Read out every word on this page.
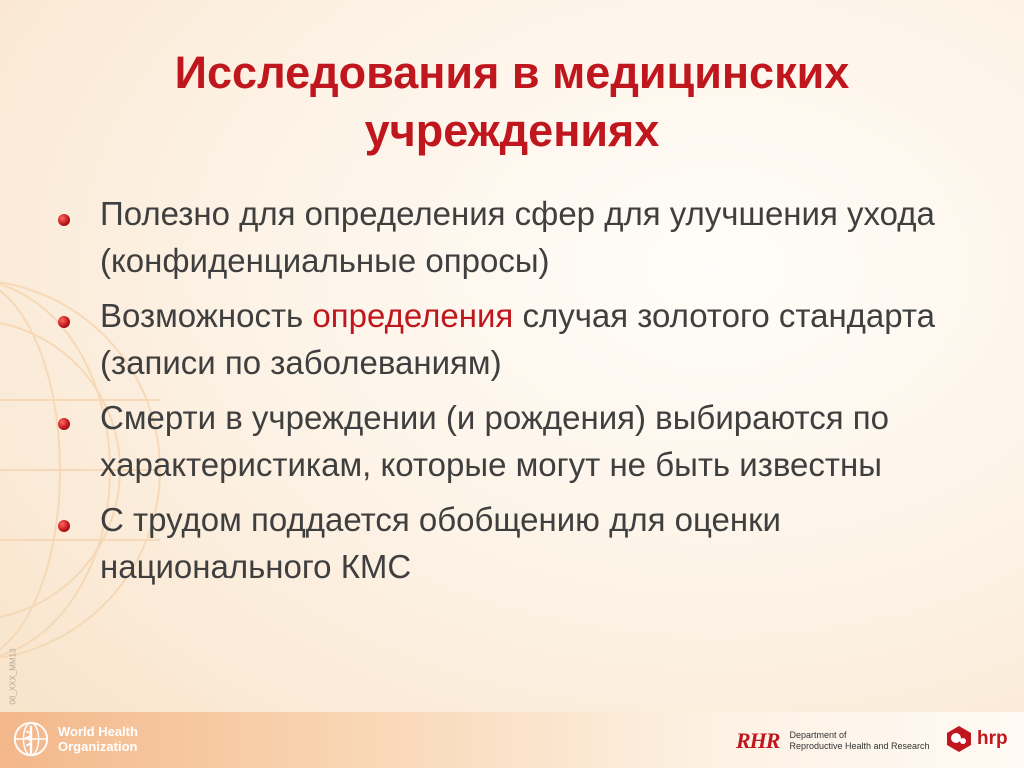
Исследования в медицинских
учреждениях
Полезно для определения сфер для улучшения ухода (конфиденциальные опросы)
Возможность определения случая золотого стандарта (записи по заболеваниям)
Смерти в учреждении (и рождения) выбираются по характеристикам, которые могут не быть известны
С трудом поддается обобщению для оценки национального КМС
08_XXX_MM13
World Health
Organization	RHR Department of
Reproductive Health and Research hrp
